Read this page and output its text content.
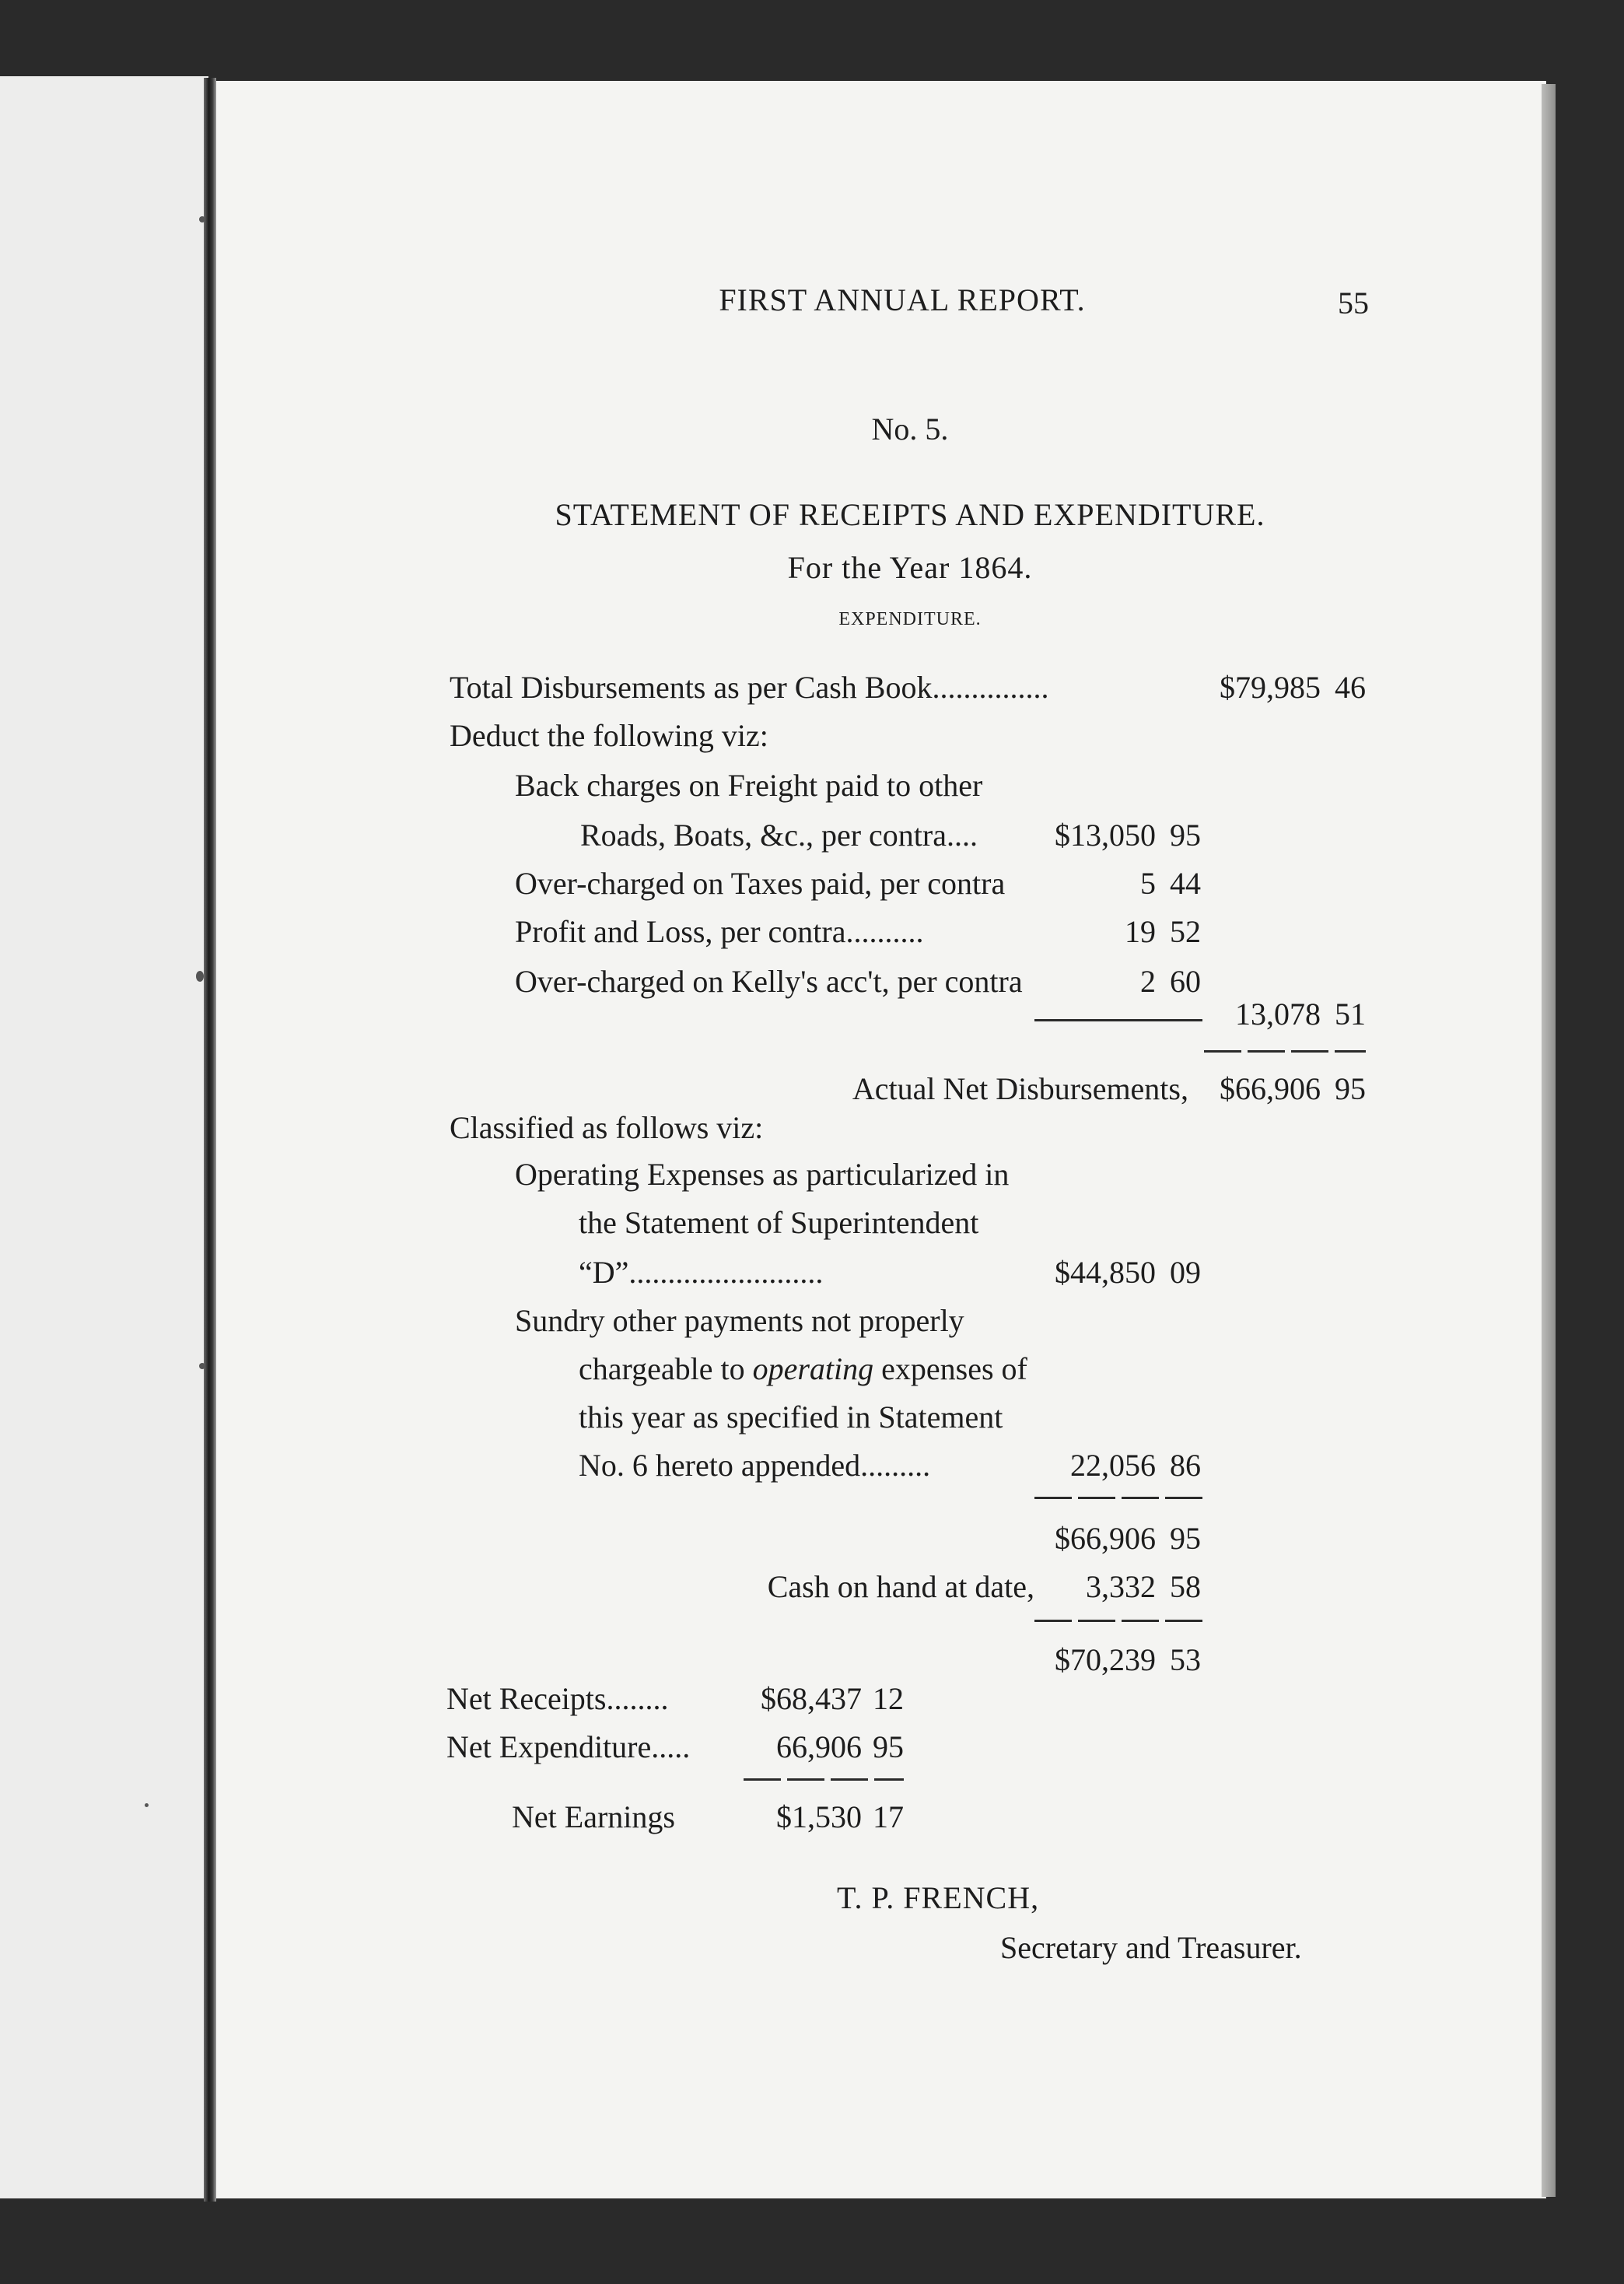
FIRST ANNUAL REPORT.	55
No. 5.
STATEMENT OF RECEIPTS AND EXPENDITURE.
For the Year 1864.
EXPENDITURE.
Total Disbursements as per Cash Book...............	$79,985 46
Deduct the following viz:
Back charges on Freight paid to other
Roads, Boats, &c., per contra....	$13,050 95
Over-charged on Taxes paid, per contra	5 44
Profit and Loss, per contra..........	19 52
Over-charged on Kelly's acc't, per contra	2 60
13,078 51
Actual Net Disbursements,	$66,906 95
Classified as follows viz:
Operating Expenses as particularized in
the Statement of Superintendent
“D”.........................	$44,850 09
Sundry other payments not properly
chargeable to operating expenses of
this year as specified in Statement
No. 6 hereto appended.........	22,056 86
$66,906 95
Cash on hand at date,	3,332 58
$70,239 53
Net Receipts........	$68,437 12
Net Expenditure.....	66,906 95
Net Earnings	$1,530 17
T. P. FRENCH,
Secretary and Treasurer.
